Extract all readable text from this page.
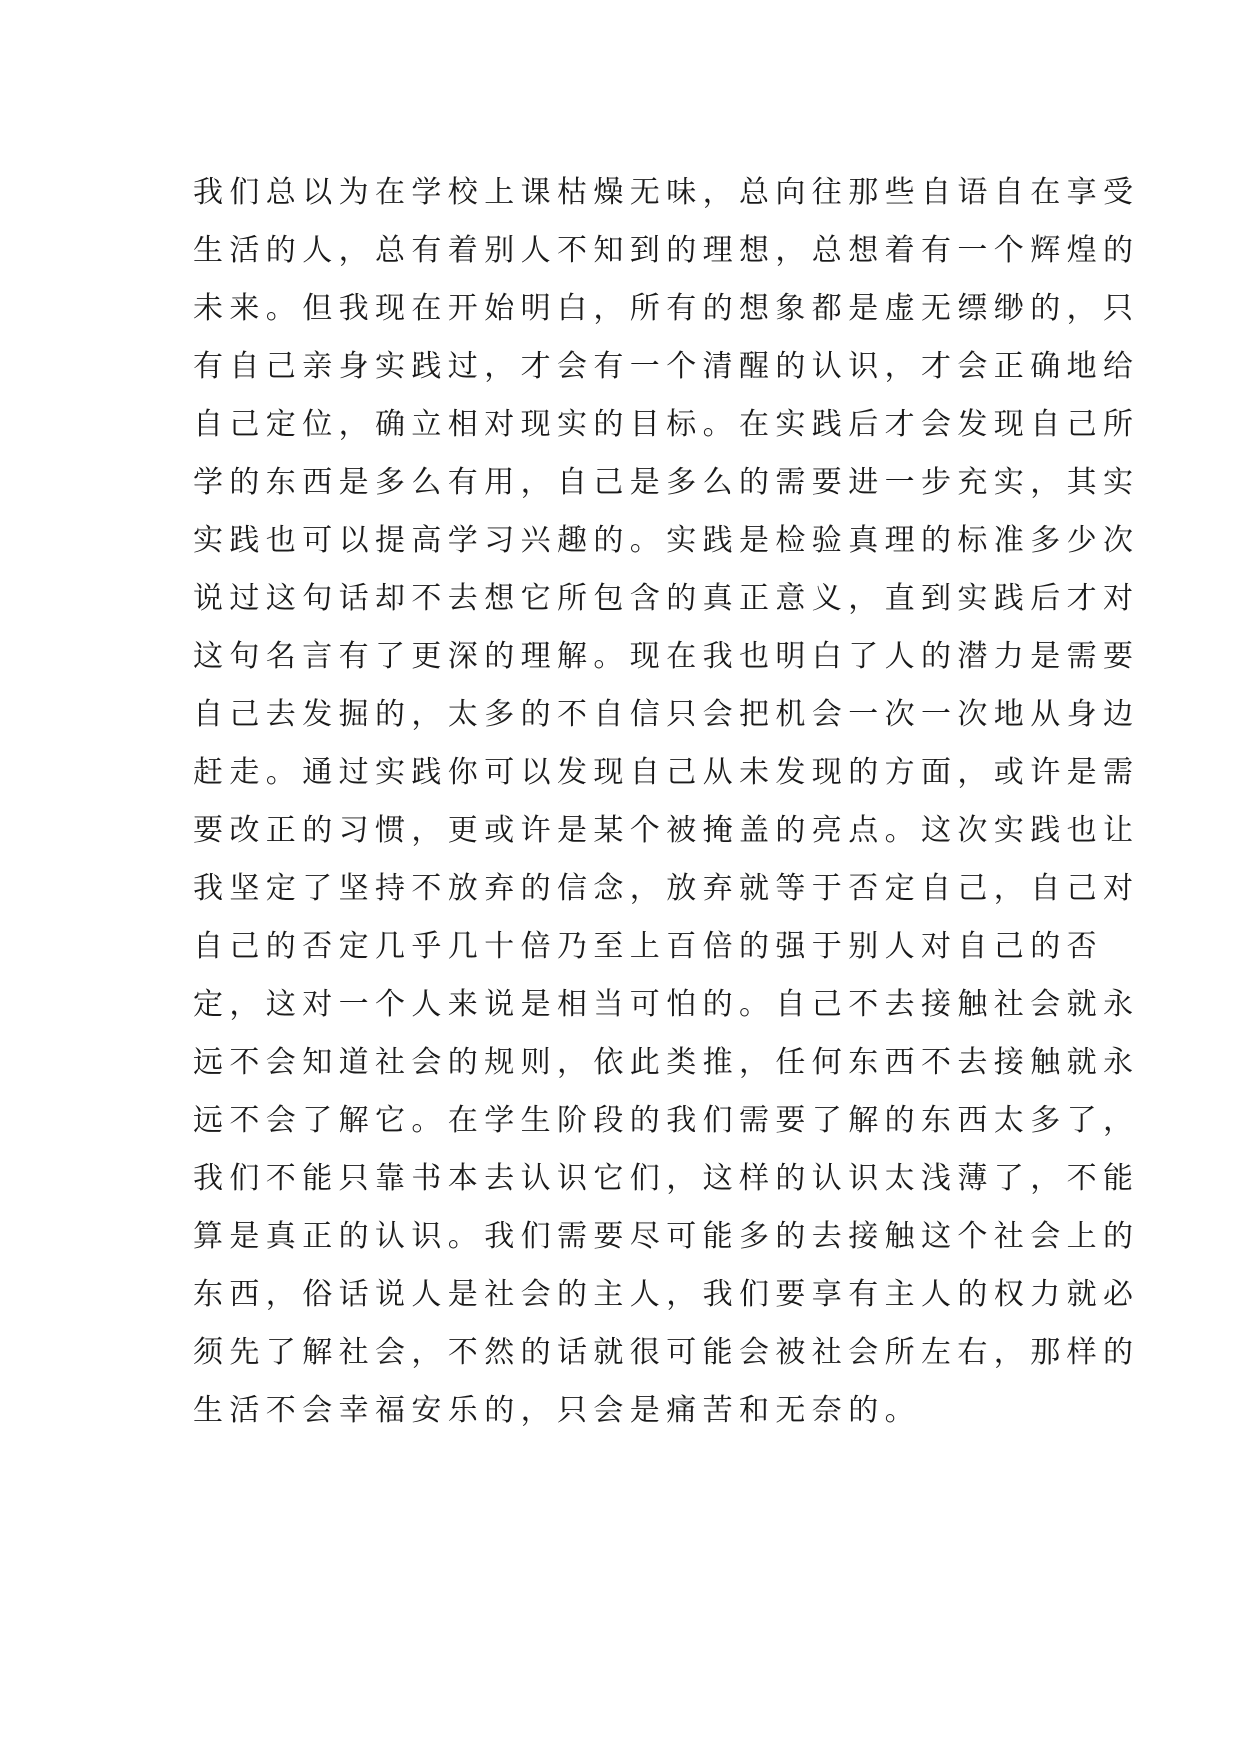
我们总以为在学校上课枯燥无味，总向往那些自语自在享受
生活的人，总有着别人不知到的理想，总想着有一个辉煌的
未来。但我现在开始明白，所有的想象都是虚无缥缈的，只
有自己亲身实践过，才会有一个清醒的认识，才会正确地给
自己定位，确立相对现实的目标。在实践后才会发现自己所
学的东西是多么有用，自己是多么的需要进一步充实，其实
实践也可以提高学习兴趣的。实践是检验真理的标准多少次
说过这句话却不去想它所包含的真正意义，直到实践后才对
这句名言有了更深的理解。现在我也明白了人的潜力是需要
自己去发掘的，太多的不自信只会把机会一次一次地从身边
赶走。通过实践你可以发现自己从未发现的方面，或许是需
要改正的习惯，更或许是某个被掩盖的亮点。这次实践也让
我坚定了坚持不放弃的信念，放弃就等于否定自己，自己对
自己的否定几乎几十倍乃至上百倍的强于别人对自己的否
定，这对一个人来说是相当可怕的。自己不去接触社会就永
远不会知道社会的规则，依此类推，任何东西不去接触就永
远不会了解它。在学生阶段的我们需要了解的东西太多了，
我们不能只靠书本去认识它们，这样的认识太浅薄了，不能
算是真正的认识。我们需要尽可能多的去接触这个社会上的
东西，俗话说人是社会的主人，我们要享有主人的权力就必
须先了解社会，不然的话就很可能会被社会所左右，那样的
生活不会幸福安乐的，只会是痛苦和无奈的。
